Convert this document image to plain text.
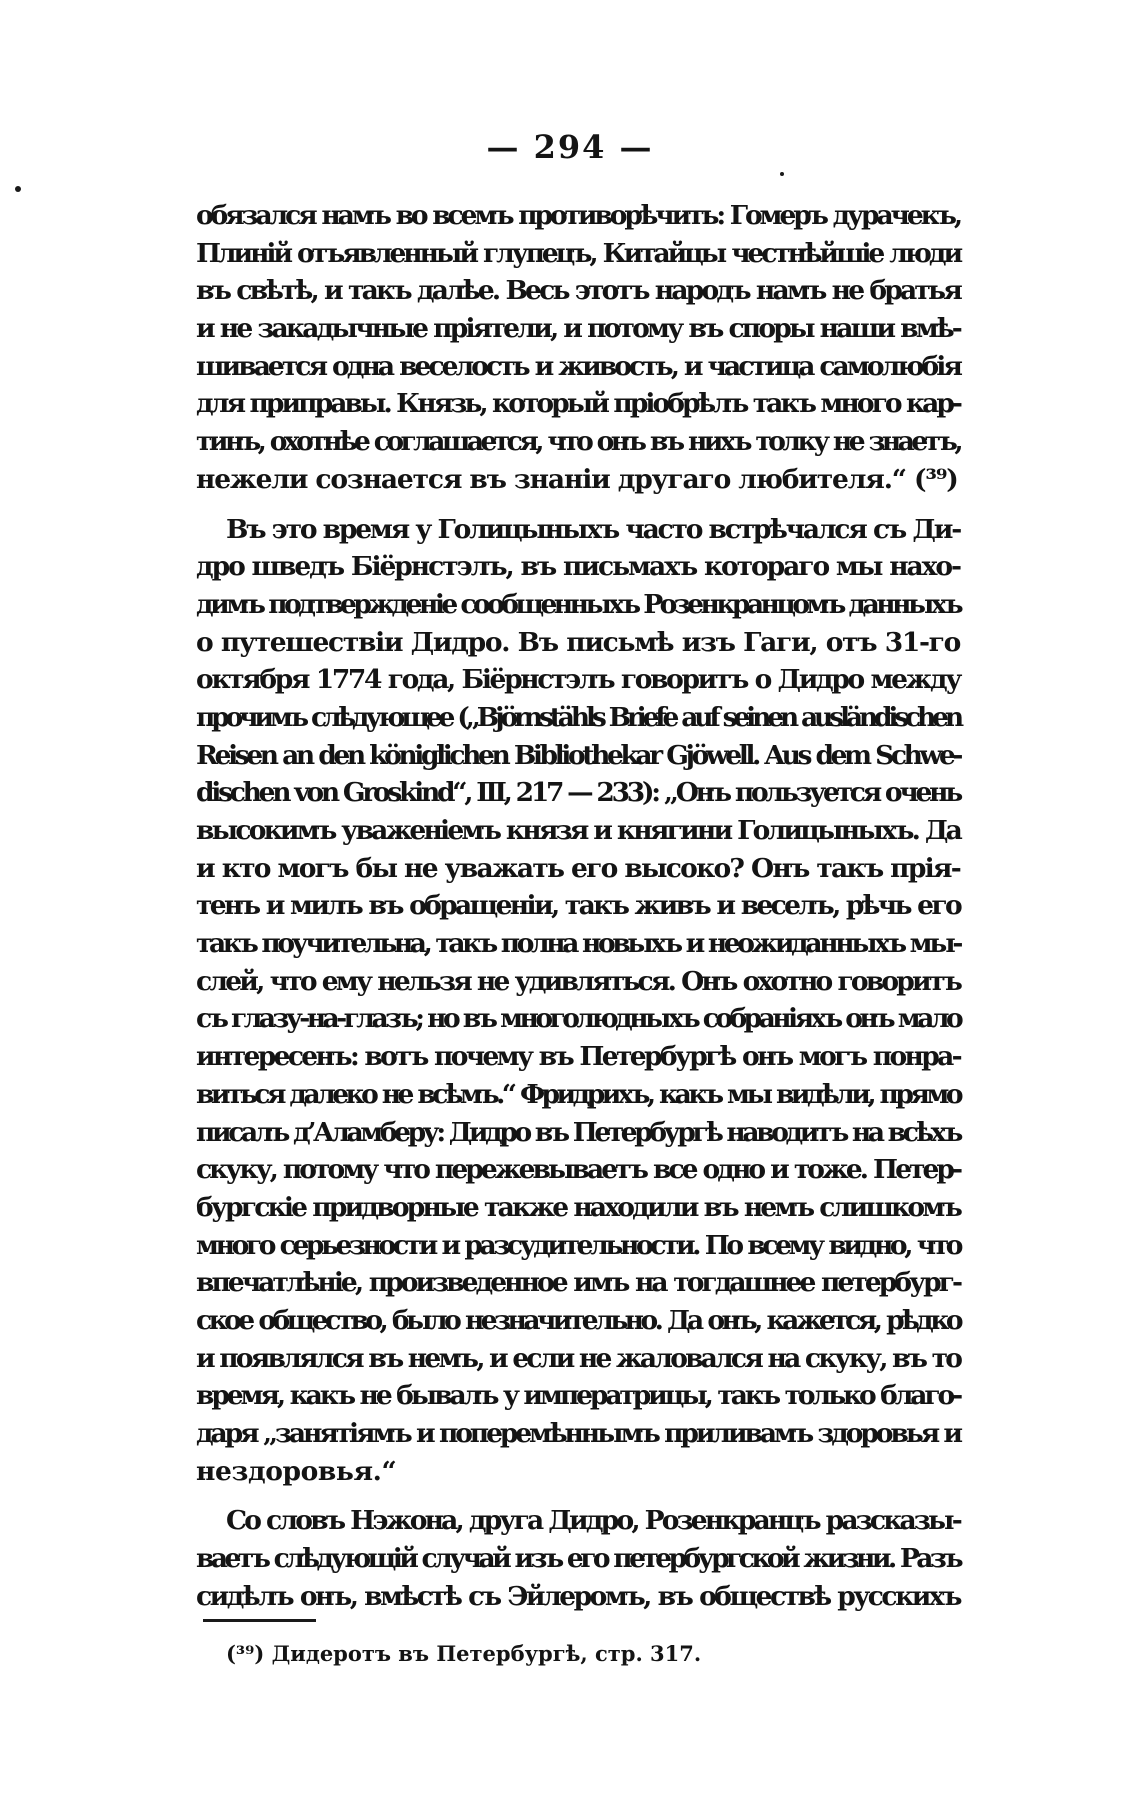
— 294 —
обязался намъ во всемъ противорѣчить: Гомеръ дурачекъ,
Плиній отъявленный глупецъ, Китайцы честнѣйшіе люди
въ свѣтѣ, и такъ далѣе. Весь этотъ народъ намъ не братья
и не закадычные пріятели, и потому въ споры наши вмѣ-
шивается одна веселость и живость, и частица самолюбія
для приправы. Князь, который пріобрѣлъ такъ много кар-
тинъ, охотнѣе соглашается, что онъ въ нихъ толку не знаетъ,
нежели сознается въ знаніи другаго любителя.“ (³⁹)
Въ это время у Голицыныхъ часто встрѣчался съ Ди-
дро шведъ Біёрнстэлъ, въ письмахъ котораго мы нахо-
димъ подтвержденіе сообщенныхъ Розенкранцомъ данныхъ
о путешествіи Дидро. Въ письмѣ изъ Гаги, отъ 31-го
октября 1774 года, Біёрнстэлъ говоритъ о Дидро между
прочимъ слѣдующее („Björnstähls Briefe auf seinen ausländischen
Reisen an den königlichen Bibliothekar Gjöwell. Aus dem Schwe-
dischen von Groskind“, III, 217 — 233): „Онъ пользуется очень
высокимъ уваженіемъ князя и княгини Голицыныхъ. Да
и кто могъ бы не уважать его высоко? Онъ такъ прія-
тенъ и милъ въ обращеніи, такъ живъ и веселъ, рѣчь его
такъ поучительна, такъ полна новыхъ и неожиданныхъ мы-
слей, что ему нельзя не удивляться. Онъ охотно говоритъ
съ глазу-на-глазъ; но въ многолюдныхъ собраніяхъ онъ мало
интересенъ: вотъ почему въ Петербургѣ онъ могъ понра-
виться далеко не всѣмъ.“ Фридрихъ, какъ мы видѣли, прямо
писалъ д’Аламберу: Дидро въ Петербургѣ наводитъ на всѣхъ
скуку, потому что пережевываетъ все одно и тоже. Петер-
бургскіе придворные также находили въ немъ слишкомъ
много серьезности и разсудительности. По всему видно, что
впечатлѣніе, произведенное имъ на тогдашнее петербург-
ское общество, было незначительно. Да онъ, кажется, рѣдко
и появлялся въ немъ, и если не жаловался на скуку, въ то
время, какъ не бывалъ у императрицы, такъ только благо-
даря „занятіямъ и поперемѣннымъ приливамъ здоровья и
нездоровья.“
Со словъ Нэжона, друга Дидро, Розенкранцъ разсказы-
ваетъ слѣдующій случай изъ его петербургской жизни. Разъ
сидѣлъ онъ, вмѣстѣ съ Эйлеромъ, въ обществѣ русскихъ
(³⁹) Дидеротъ въ Петербургѣ, стр. 317.
